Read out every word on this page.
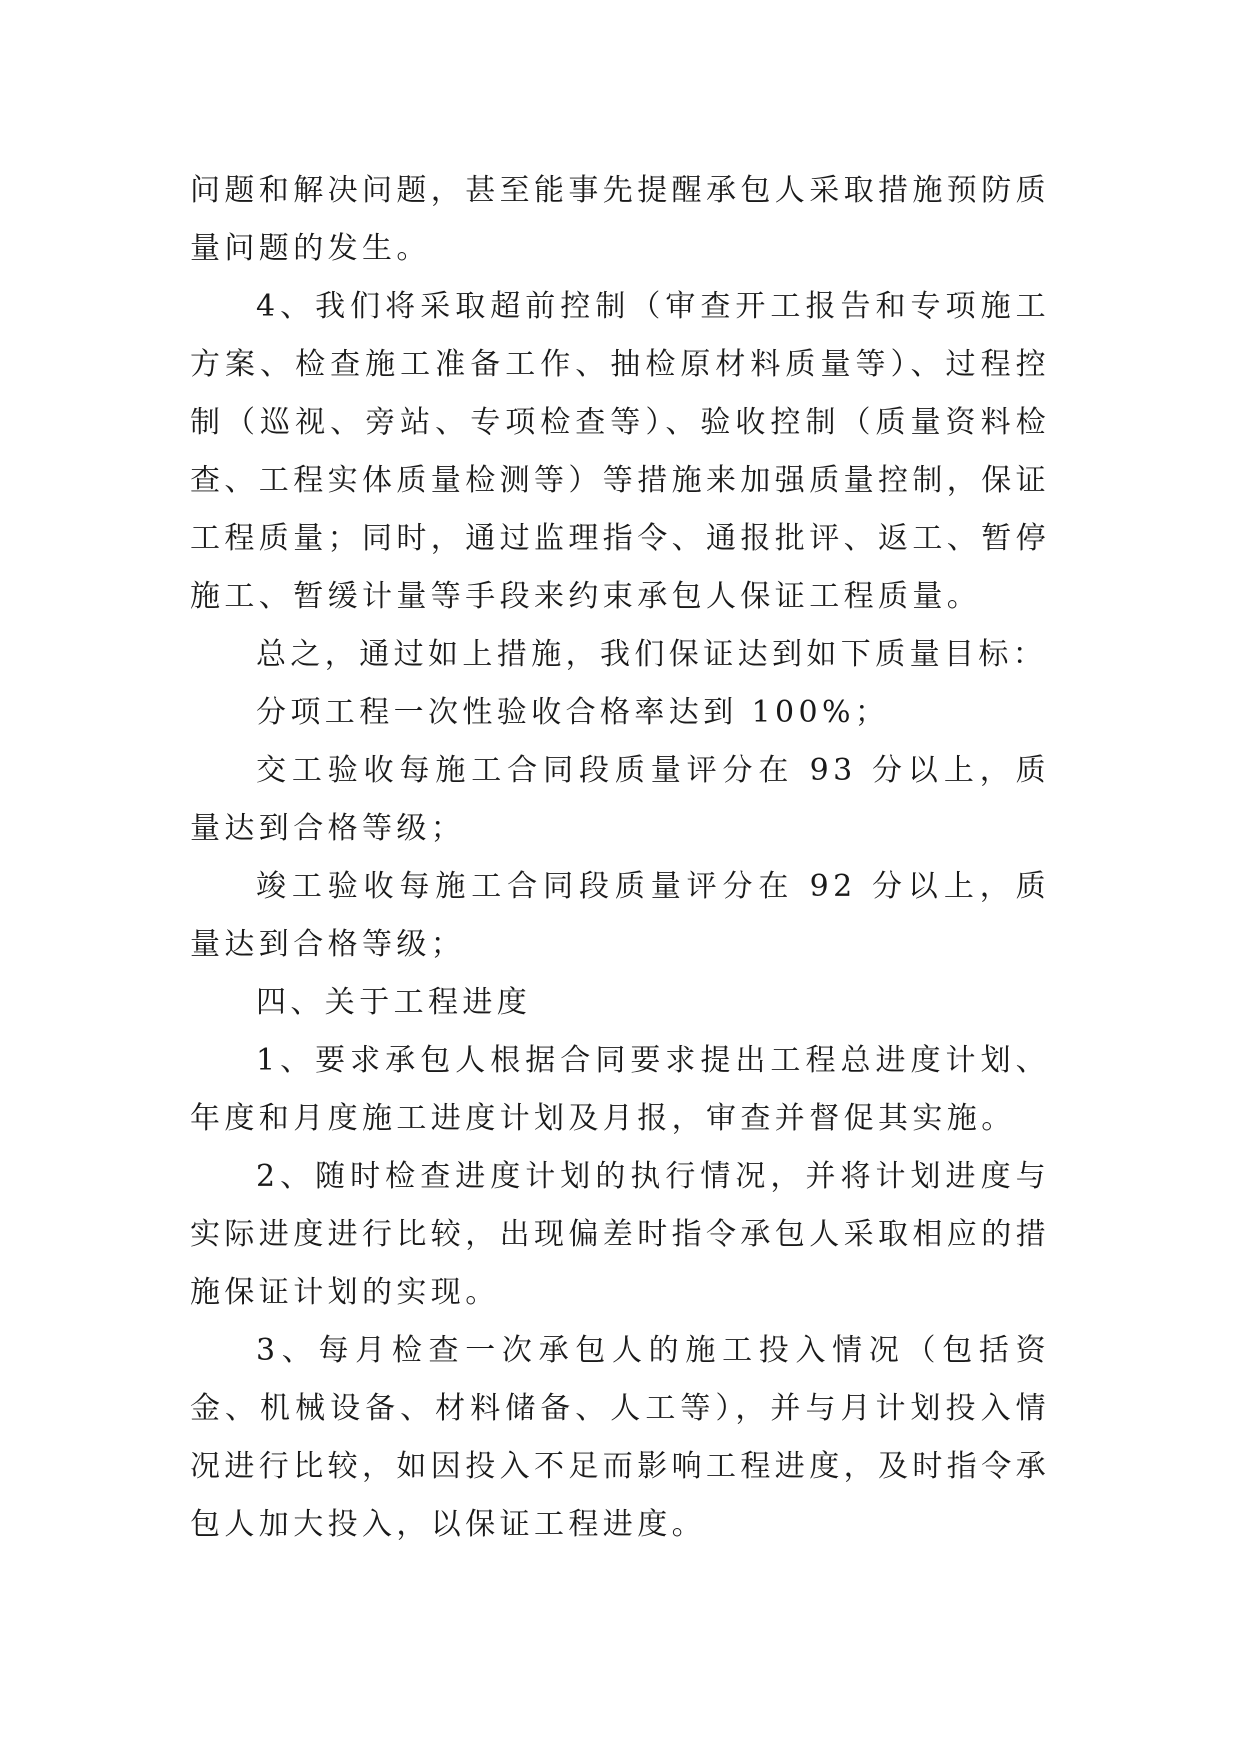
问题和解决问题，甚至能事先提醒承包人采取措施预防质量问题的发生。

4、我们将采取超前控制（审查开工报告和专项施工方案、检查施工准备工作、抽检原材料质量等）、过程控制（巡视、旁站、专项检查等）、验收控制（质量资料检查、工程实体质量检测等）等措施来加强质量控制，保证工程质量；同时，通过监理指令、通报批评、返工、暂停施工、暂缓计量等手段来约束承包人保证工程质量。

总之，通过如上措施，我们保证达到如下质量目标：

分项工程一次性验收合格率达到 100%；

交工验收每施工合同段质量评分在 93 分以上，质量达到合格等级；

竣工验收每施工合同段质量评分在 92 分以上，质量达到合格等级；

四、关于工程进度

1、要求承包人根据合同要求提出工程总进度计划、年度和月度施工进度计划及月报，审查并督促其实施。

2、随时检查进度计划的执行情况，并将计划进度与实际进度进行比较，出现偏差时指令承包人采取相应的措施保证计划的实现。

3、每月检查一次承包人的施工投入情况（包括资金、机械设备、材料储备、人工等），并与月计划投入情况进行比较，如因投入不足而影响工程进度，及时指令承包人加大投入，以保证工程进度。
